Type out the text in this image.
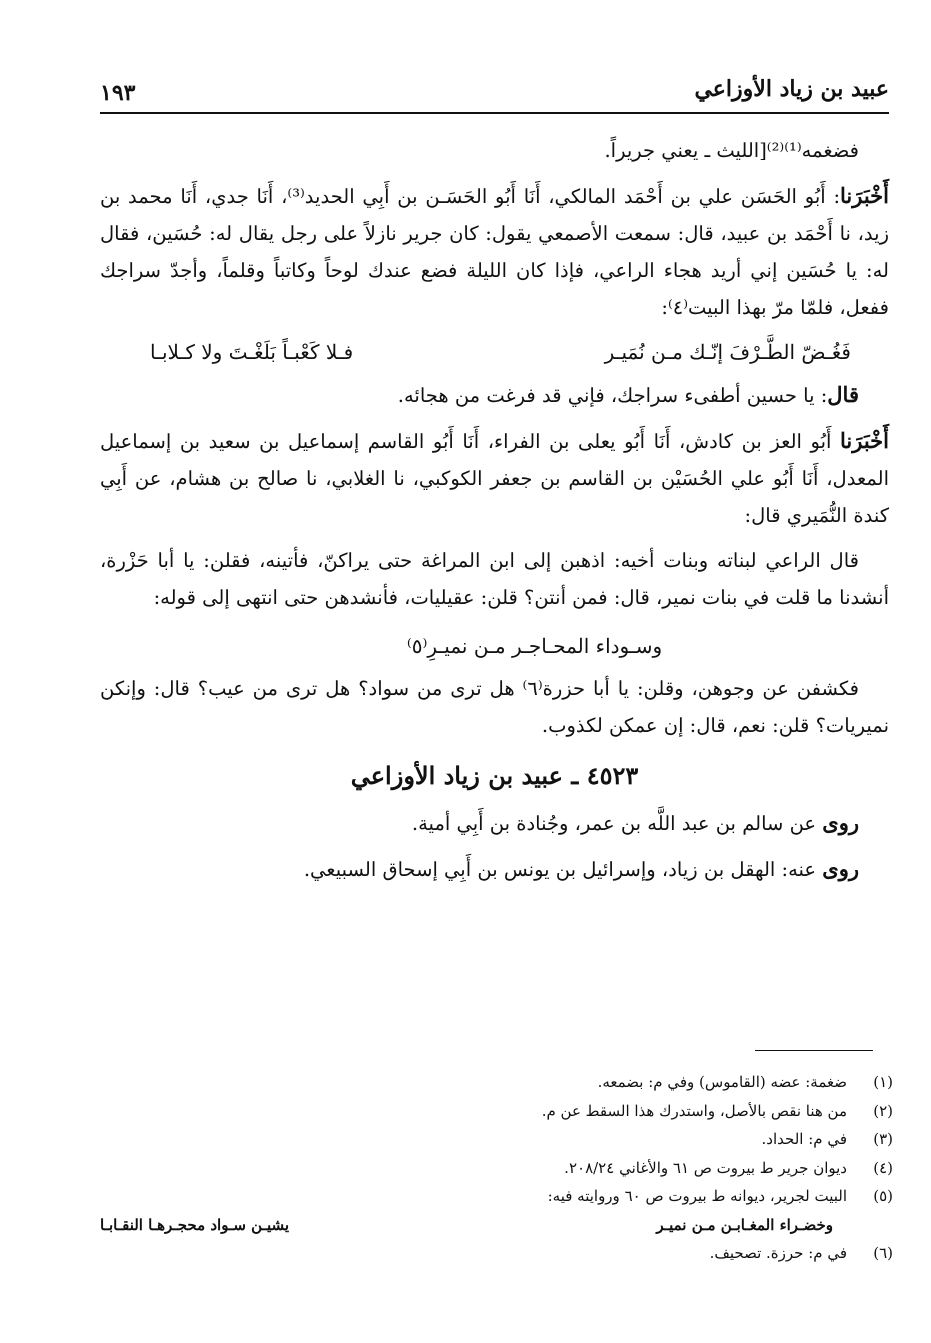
عبيد بن زياد الأوزاعي
١٩٣

فضغمه⁽¹⁾⁽²⁾[الليث ـ يعني جريراً.

أَخْبَرَنا: أَبُو الحَسَن علي بن أَحْمَد المالكي، أَنَا أَبُو الحَسَـن بن أَبِي الحديد⁽³⁾، أَنَا جدي، أَنَا محمد بن زيد، نا أَحْمَد بن عبيد، قال: سمعت الأصمعي يقول: كان جرير نازلاً على رجل يقال له: حُسَين، فقال له: يا حُسَين إني أريد هجاء الراعي، فإذا كان الليلة فضع عندك لوحاً وكاتباً وقلماً، وأجدّ سراجك ففعل، فلمّا مرّ بهذا البيت⁽٤⁾:

فَغُـضّ الطَّـرْفَ إنّـك مـن نُمَيـر
فـلا كَعْبـاً بَلَغْـتَ ولا كـلابـا

قال: يا حسين أطفىء سراجك، فإني قد فرغت من هجائه.

أَخْبَرَنا أَبُو العز بن كادش، أَنَا أَبُو يعلى بن الفراء، أَنَا أَبُو القاسم إسماعيل بن سعيد بن إسماعيل المعدل، أَنَا أَبُو علي الحُسَيْن بن القاسم بن جعفر الكوكبي، نا الغلابي، نا صالح بن هشام، عن أَبِي كندة النُّمَيري قال:

قال الراعي لبناته وبنات أخيه: اذهبن إلى ابن المراغة حتى يراكنّ، فأتينه، فقلن: يا أبا حَزْرة، أنشدنا ما قلت في بنات نمير، قال: فمن أنتن؟ قلن: عقيليات، فأنشدهن حتى انتهى إلى قوله:

وسـوداء المحـاجـر مـن نميـرِ⁽٥⁾

فكشفن عن وجوهن، وقلن: يا أبا حزرة⁽٦⁾ هل ترى من سواد؟ هل ترى من عيب؟ قال: وإنكن نميريات؟ قلن: نعم، قال: إن عمكن لكذوب.

٤٥٢٣ ـ عبيد بن زياد الأوزاعي

روى عن سالم بن عبد اللَّه بن عمر، وجُنادة بن أَبِي أمية.

روى عنه: الهقل بن زياد، وإسرائيل بن يونس بن أَبِي إسحاق السبيعي.

(١)
ضغمة: عضه (القاموس) وفي م: بضمعه.
(٢)
من هنا نقص بالأصل، واستدرك هذا السقط عن م.
(٣)
في م: الحداد.
(٤)
ديوان جرير ط بيروت ص ٦١ والأغاني ٢٠٨/٢٤.
(٥)
البيت لجرير، ديوانه ط بيروت ص ٦٠ وروايته فيه:
وخضـراء المغـابـن مـن نميـر
يشيـن سـواد محجـرهـا النقـابـا
(٦)
في م: حرزة. تصحيف.
